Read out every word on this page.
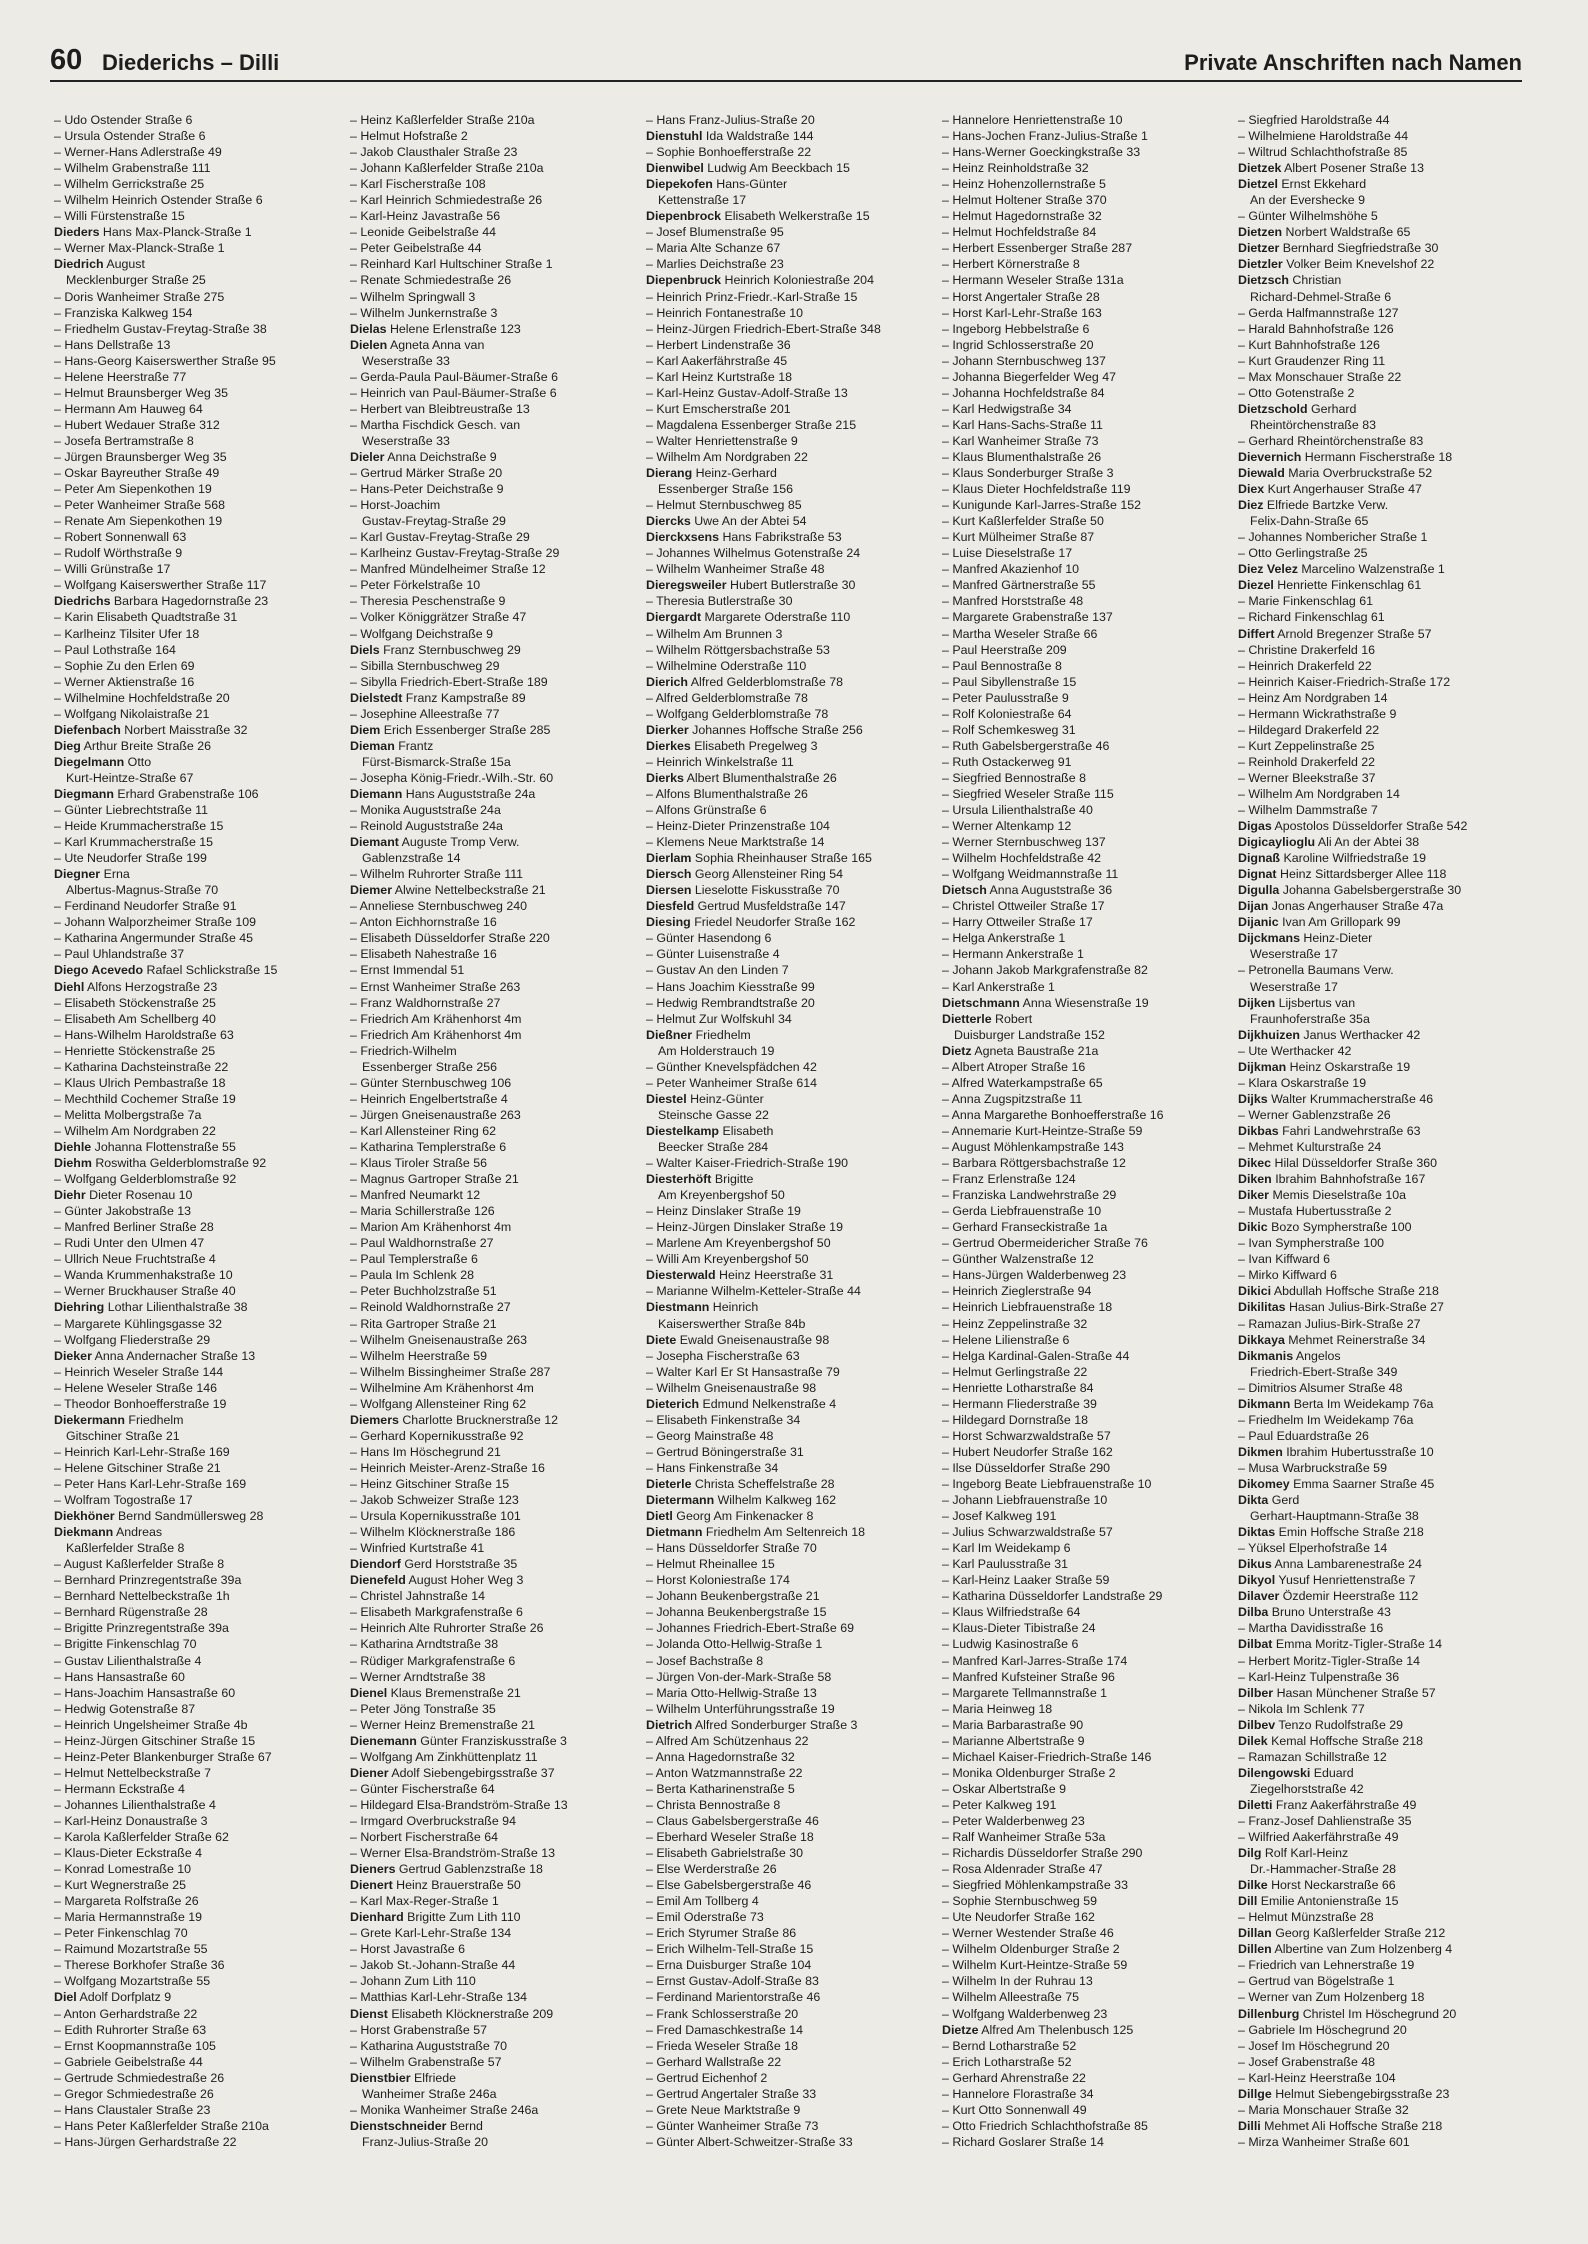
60 Diederichs – Dilli	Private Anschriften nach Namen
– Udo Ostender Straße 6
– Ursula Ostender Straße 6
– Werner-Hans Adlerstraße 49
– Wilhelm Grabenstraße 111
– Wilhelm Gerrickstraße 25
– Wilhelm Heinrich Ostender Straße 6
– Willi Fürstenstraße 15
Dieders Hans Max-Planck-Straße 1
– Werner Max-Planck-Straße 1
Diedrich August
Mecklenburger Straße 25
– Doris Wanheimer Straße 275
– Franziska Kalkweg 154
– Friedhelm Gustav-Freytag-Straße 38
– Hans Dellstraße 13
– Hans-Georg Kaiserswerther Straße 95
– Helene Heerstraße 77
– Helmut Braunsberger Weg 35
– Hermann Am Hauweg 64
– Hubert Wedauer Straße 312
– Josefa Bertramstraße 8
– Jürgen Braunsberger Weg 35
– Oskar Bayreuther Straße 49
– Peter Am Siepenkothen 19
– Peter Wanheimer Straße 568
– Renate Am Siepenkothen 19
– Robert Sonnenwall 63
– Rudolf Wörthstraße 9
– Willi Grünstraße 17
– Wolfgang Kaiserswerther Straße 117
Diedrichs Barbara Hagedornstraße 23
– Karin Elisabeth Quadtstraße 31
– Karlheinz Tilsiter Ufer 18
– Paul Lothstraße 164
– Sophie Zu den Erlen 69
– Werner Aktienstraße 16
– Wilhelmine Hochfeldstraße 20
– Wolfgang Nikolaistraße 21
Diefenbach Norbert Maisstraße 32
Dieg Arthur Breite Straße 26
Diegelmann Otto
Kurt-Heintze-Straße 67
Diegmann Erhard Grabenstraße 106
– Günter Liebrechtstraße 11
– Heide Krummacherstraße 15
– Karl Krummacherstraße 15
– Ute Neudorfer Straße 199
Diegner Erna
Albertus-Magnus-Straße 70
– Ferdinand Neudorfer Straße 91
– Johann Walporzheimer Straße 109
– Katharina Angermunder Straße 45
– Paul Uhlandstraße 37
Diego Acevedo Rafael Schlickstraße 15
Diehl Alfons Herzogstraße 23
– Elisabeth Stöckenstraße 25
– Elisabeth Am Schellberg 40
– Hans-Wilhelm Haroldstraße 63
– Henriette Stöckenstraße 25
– Katharina Dachsteinstraße 22
– Klaus Ulrich Pembastraße 18
– Mechthild Cochemer Straße 19
– Melitta Molbergstraße 7a
– Wilhelm Am Nordgraben 22
Diehle Johanna Flottenstraße 55
Diehm Roswitha Gelderblomstraße 92
– Wolfgang Gelderblomstraße 92
Diehr Dieter Rosenau 10
– Günter Jakobstraße 13
– Manfred Berliner Straße 28
– Rudi Unter den Ulmen 47
– Ullrich Neue Fruchtstraße 4
– Wanda Krummenhakstraße 10
– Werner Bruckhauser Straße 40
Diehring Lothar Lilienthalstraße 38
– Margarete Kühlingsgasse 32
– Wolfgang Fliederstraße 29
Dieker Anna Andernacher Straße 13
– Heinrich Weseler Straße 144
– Helene Weseler Straße 146
– Theodor Bonhoefferstraße 19
Diekermann Friedhelm
Gitschiner Straße 21
– Heinrich Karl-Lehr-Straße 169
– Helene Gitschiner Straße 21
– Peter Hans Karl-Lehr-Straße 169
– Wolfram Togostraße 17
Diekhöner Bernd Sandmüllersweg 28
Diekmann Andreas
Kaßlerfelder Straße 8
– August Kaßlerfelder Straße 8
– Bernhard Prinzregentstraße 39a
– Bernhard Nettelbeckstraße 1h
– Bernhard Rügenstraße 28
– Brigitte Prinzregentstraße 39a
– Brigitte Finkenschlag 70
– Gustav Lilienthalstraße 4
– Hans Hansastraße 60
– Hans-Joachim Hansastraße 60
– Hedwig Gotenstraße 87
– Heinrich Ungelsheimer Straße 4b
– Heinz-Jürgen Gitschiner Straße 15
– Heinz-Peter Blankenburger Straße 67
– Helmut Nettelbeckstraße 7
– Hermann Eckstraße 4
– Johannes Lilienthalstraße 4
– Karl-Heinz Donaustraße 3
– Karola Kaßlerfelder Straße 62
– Klaus-Dieter Eckstraße 4
– Konrad Lomestraße 10
– Kurt Wegnerstraße 25
– Margareta Rolfstraße 26
– Maria Hermannstraße 19
– Peter Finkenschlag 70
– Raimund Mozartstraße 55
– Therese Borkhofer Straße 36
– Wolfgang Mozartstraße 55
Diel Adolf Dorfplatz 9
– Anton Gerhardstraße 22
– Edith Ruhrorter Straße 63
– Ernst Koopmannstraße 105
– Gabriele Geibelstraße 44
– Gertrude Schmiedestraße 26
– Gregor Schmiedestraße 26
– Hans Claustaler Straße 23
– Hans Peter Kaßlerfelder Straße 210a
– Hans-Jürgen Gerhardstraße 22
– Heinz Kaßlerfelder Straße 210a
– Helmut Hofstraße 2
– Jakob Clausthaler Straße 23
– Johann Kaßlerfelder Straße 210a
– Karl Fischerstraße 108
– Karl Heinrich Schmiedestraße 26
– Karl-Heinz Javastraße 56
– Leonide Geibelstraße 44
– Peter Geibelstraße 44
– Reinhard Karl Hultschiner Straße 1
– Renate Schmiedestraße 26
– Wilhelm Springwall 3
– Wilhelm Junkernstraße 3
Dielas Helene Erlenstraße 123
Dielen Agneta Anna van
Weserstraße 33
– Gerda-Paula Paul-Bäumer-Straße 6
– Heinrich van Paul-Bäumer-Straße 6
– Herbert van Bleibtreustraße 13
– Martha Fischdick Gesch. van
Weserstraße 33
Dieler Anna Deichstraße 9
– Gertrud Märker Straße 20
– Hans-Peter Deichstraße 9
– Horst-Joachim
Gustav-Freytag-Straße 29
– Karl Gustav-Freytag-Straße 29
– Karlheinz Gustav-Freytag-Straße 29
– Manfred Mündelheimer Straße 12
– Peter Förkelstraße 10
– Theresia Peschenstraße 9
– Volker Königgrätzer Straße 47
– Wolfgang Deichstraße 9
Diels Franz Sternbuschweg 29
– Sibilla Sternbuschweg 29
– Sibylla Friedrich-Ebert-Straße 189
Dielstedt Franz Kampstraße 89
– Josephine Alleestraße 77
Diem Erich Essenberger Straße 285
Dieman Frantz
Fürst-Bismarck-Straße 15a
– Josepha König-Friedr.-Wilh.-Str. 60
Diemann Hans Auguststraße 24a
– Monika Auguststraße 24a
– Reinold Auguststraße 24a
Diemant Auguste Tromp Verw.
Gablenzstraße 14
– Wilhelm Ruhrorter Straße 111
Diemer Alwine Nettelbeckstraße 21
– Anneliese Sternbuschweg 240
– Anton Eichhornstraße 16
– Elisabeth Düsseldorfer Straße 220
– Elisabeth Nahestraße 16
– Ernst Immendal 51
– Ernst Wanheimer Straße 263
– Franz Waldhornstraße 27
– Friedrich Am Krähenhorst 4m
– Friedrich Am Krähenhorst 4m
– Friedrich-Wilhelm
Essenberger Straße 256
– Günter Sternbuschweg 106
– Heinrich Engelbertstraße 4
– Jürgen Gneisenaustraße 263
– Karl Allensteiner Ring 62
– Katharina Templerstraße 6
– Klaus Tiroler Straße 56
– Magnus Gartroper Straße 21
– Manfred Neumarkt 12
– Maria Schillerstraße 126
– Marion Am Krähenhorst 4m
– Paul Waldhornstraße 27
– Paul Templerstraße 6
– Paula Im Schlenk 28
– Peter Buchholzstraße 51
– Reinold Waldhornstraße 27
– Rita Gartroper Straße 21
– Wilhelm Gneisenaustraße 263
– Wilhelm Heerstraße 59
– Wilhelm Bissingheimer Straße 287
– Wilhelmine Am Krähenhorst 4m
– Wolfgang Allensteiner Ring 62
Diemers Charlotte Brucknerstraße 12
– Gerhard Kopernikusstraße 92
– Hans Im Höschegrund 21
– Heinrich Meister-Arenz-Straße 16
– Heinz Gitschiner Straße 15
– Jakob Schweizer Straße 123
– Ursula Kopernikusstraße 101
– Wilhelm Klöcknerstraße 186
– Winfried Kurtstraße 41
Diendorf Gerd Horststraße 35
Dienefeld August Hoher Weg 3
– Christel Jahnstraße 14
– Elisabeth Markgrafenstraße 6
– Heinrich Alte Ruhrorter Straße 26
– Katharina Arndtstraße 38
– Rüdiger Markgrafenstraße 6
– Werner Arndtstraße 38
Dienel Klaus Bremenstraße 21
– Peter Jöng Tonstraße 35
– Werner Heinz Bremenstraße 21
Dienemann Günter Franziskusstraße 3
– Wolfgang Am Zinkhüttenplatz 11
Diener Adolf Siebengebirgsstraße 37
– Günter Fischerstraße 64
– Hildegard Elsa-Brandström-Straße 13
– Irmgard Overbruckstraße 94
– Norbert Fischerstraße 64
– Werner Elsa-Brandström-Straße 13
Dieners Gertrud Gablenzstraße 18
Dienert Heinz Brauerstraße 50
– Karl Max-Reger-Straße 1
Dienhard Brigitte Zum Lith 110
– Grete Karl-Lehr-Straße 134
– Horst Javastraße 6
– Jakob St.-Johann-Straße 44
– Johann Zum Lith 110
– Matthias Karl-Lehr-Straße 134
Dienst Elisabeth Klöcknerstraße 209
– Horst Grabenstraße 57
– Katharina Auguststraße 70
– Wilhelm Grabenstraße 57
Dienstbier Elfriede
Wanheimer Straße 246a
– Monika Wanheimer Straße 246a
Dienstschneider Bernd
Franz-Julius-Straße 20
– Hans Franz-Julius-Straße 20
Dienstuhl Ida Waldstraße 144
– Sophie Bonhoefferstraße 22
Dienwibel Ludwig Am Beeckbach 15
Diepekofen Hans-Günter
Kettenstraße 17
Diepenbrock Elisabeth Welkerstraße 15
– Josef Blumenstraße 95
– Maria Alte Schanze 67
– Marlies Deichstraße 23
Diepenbruck Heinrich Koloniestraße 204
– Heinrich Prinz-Friedr.-Karl-Straße 15
– Heinrich Fontanestraße 10
– Heinz-Jürgen Friedrich-Ebert-Straße 348
– Herbert Lindenstraße 36
– Karl Aakerfährstraße 45
– Karl Heinz Kurtstraße 18
– Karl-Heinz Gustav-Adolf-Straße 13
– Kurt Emscherstraße 201
– Magdalena Essenberger Straße 215
– Walter Henriettenstraße 9
– Wilhelm Am Nordgraben 22
Dierang Heinz-Gerhard
Essenberger Straße 156
– Helmut Sternbuschweg 85
Diercks Uwe An der Abtei 54
Dierckxsens Hans Fabrikstraße 53
– Johannes Wilhelmus Gotenstraße 24
– Wilhelm Wanheimer Straße 48
Dieregsweiler Hubert Butlerstraße 30
– Theresia Butlerstraße 30
Diergardt Margarete Oderstraße 110
– Wilhelm Am Brunnen 3
– Wilhelm Röttgersbachstraße 53
– Wilhelmine Oderstraße 110
Dierich Alfred Gelderblomstraße 78
– Alfred Gelderblomstraße 78
– Wolfgang Gelderblomstraße 78
Dierker Johannes Hoffsche Straße 256
Dierkes Elisabeth Pregelweg 3
– Heinrich Winkelstraße 11
Dierks Albert Blumenthalstraße 26
– Alfons Blumenthalstraße 26
– Alfons Grünstraße 6
– Heinz-Dieter Prinzenstraße 104
– Klemens Neue Marktstraße 14
Dierlam Sophia Rheinhauser Straße 165
Diersch Georg Allensteiner Ring 54
Diersen Lieselotte Fiskusstraße 70
Diesfeld Gertrud Musfeldstraße 147
Diesing Friedel Neudorfer Straße 162
– Günter Hasendong 6
– Günter Luisenstraße 4
– Gustav An den Linden 7
– Hans Joachim Kiesstraße 99
– Hedwig Rembrandtstraße 20
– Helmut Zur Wolfskuhl 34
Dießner Friedhelm
Am Holderstrauch 19
– Günther Knevelspfädchen 42
– Peter Wanheimer Straße 614
Diestel Heinz-Günter
Steinsche Gasse 22
Diestelkamp Elisabeth
Beecker Straße 284
– Walter Kaiser-Friedrich-Straße 190
Diesterhöft Brigitte
Am Kreyenbergshof 50
– Heinz Dinslaker Straße 19
– Heinz-Jürgen Dinslaker Straße 19
– Marlene Am Kreyenbergshof 50
– Willi Am Kreyenbergshof 50
Diesterwald Heinz Heerstraße 31
– Marianne Wilhelm-Ketteler-Straße 44
Diestmann Heinrich
Kaiserswerther Straße 84b
Diete Ewald Gneisenaustraße 98
– Josepha Fischerstraße 63
– Walter Karl Er St Hansastraße 79
– Wilhelm Gneisenaustraße 98
Dieterich Edmund Nelkenstraße 4
– Elisabeth Finkenstraße 34
– Georg Mainstraße 48
– Gertrud Böningerstraße 31
– Hans Finkenstraße 34
Dieterle Christa Scheffelstraße 28
Dietermann Wilhelm Kalkweg 162
Dietl Georg Am Finkenacker 8
Dietmann Friedhelm Am Seltenreich 18
– Hans Düsseldorfer Straße 70
– Helmut Rheinallee 15
– Horst Koloniestraße 174
– Johann Beukenbergstraße 21
– Johanna Beukenbergstraße 15
– Johannes Friedrich-Ebert-Straße 69
– Jolanda Otto-Hellwig-Straße 1
– Josef Bachstraße 8
– Jürgen Von-der-Mark-Straße 58
– Maria Otto-Hellwig-Straße 13
– Wilhelm Unterführungsstraße 19
Dietrich Alfred Sonderburger Straße 3
– Alfred Am Schützenhaus 22
– Anna Hagedornstraße 32
– Anton Watzmannstraße 22
– Berta Katharinenstraße 5
– Christa Bennostraße 8
– Claus Gabelsbergerstraße 46
– Eberhard Weseler Straße 18
– Elisabeth Gabrielstraße 30
– Else Werderstraße 26
– Else Gabelsbergerstraße 46
– Emil Am Tollberg 4
– Emil Oderstraße 73
– Erich Styrumer Straße 86
– Erich Wilhelm-Tell-Straße 15
– Erna Duisburger Straße 104
– Ernst Gustav-Adolf-Straße 83
– Ferdinand Marientorstraße 46
– Frank Schlosserstraße 20
– Fred Damaschkestraße 14
– Frieda Weseler Straße 18
– Gerhard Wallstraße 22
– Gertrud Eichenhof 2
– Gertrud Angertaler Straße 33
– Grete Neue Marktstraße 9
– Günter Wanheimer Straße 73
– Günter Albert-Schweitzer-Straße 33
– Hannelore Henriettenstraße 10
– Hans-Jochen Franz-Julius-Straße 1
– Hans-Werner Goeckingkstraße 33
– Heinz Reinholdstraße 32
– Heinz Hohenzollernstraße 5
– Helmut Holtener Straße 370
– Helmut Hagedornstraße 32
– Helmut Hochfeldstraße 84
– Herbert Essenberger Straße 287
– Herbert Körnerstraße 8
– Hermann Weseler Straße 131a
– Horst Angertaler Straße 28
– Horst Karl-Lehr-Straße 163
– Ingeborg Hebbelstraße 6
– Ingrid Schlosserstraße 20
– Johann Sternbuschweg 137
– Johanna Biegerfelder Weg 47
– Johanna Hochfeldstraße 84
– Karl Hedwigstraße 34
– Karl Hans-Sachs-Straße 11
– Karl Wanheimer Straße 73
– Klaus Blumenthalstraße 26
– Klaus Sonderburger Straße 3
– Klaus Dieter Hochfeldstraße 119
– Kunigunde Karl-Jarres-Straße 152
– Kurt Kaßlerfelder Straße 50
– Kurt Mülheimer Straße 87
– Luise Dieselstraße 17
– Manfred Akazienhof 10
– Manfred Gärtnerstraße 55
– Manfred Horststraße 48
– Margarete Grabenstraße 137
– Martha Weseler Straße 66
– Paul Heerstraße 209
– Paul Bennostraße 8
– Paul Sibyllenstraße 15
– Peter Paulusstraße 9
– Rolf Koloniestraße 64
– Rolf Schemkesweg 31
– Ruth Gabelsbergerstraße 46
– Ruth Ostackerweg 91
– Siegfried Bennostraße 8
– Siegfried Weseler Straße 115
– Ursula Lilienthalstraße 40
– Werner Altenkamp 12
– Werner Sternbuschweg 137
– Wilhelm Hochfeldstraße 42
– Wolfgang Weidmannstraße 11
Dietsch Anna Auguststraße 36
– Christel Ottweiler Straße 17
– Harry Ottweiler Straße 17
– Helga Ankerstraße 1
– Hermann Ankerstraße 1
– Johann Jakob Markgrafenstraße 82
– Karl Ankerstraße 1
Dietschmann Anna Wiesenstraße 19
Dietterle Robert
Duisburger Landstraße 152
Dietz Agneta Baustraße 21a
– Albert Atroper Straße 16
– Alfred Waterkampstraße 65
– Anna Zugspitzstraße 11
– Anna Margarethe Bonhoefferstraße 16
– Annemarie Kurt-Heintze-Straße 59
– August Möhlenkampstraße 143
– Barbara Röttgersbachstraße 12
– Franz Erlenstraße 124
– Franziska Landwehrstraße 29
– Gerda Liebfrauenstraße 10
– Gerhard Franseckistraße 1a
– Gertrud Obermeidericher Straße 76
– Günther Walzenstraße 12
– Hans-Jürgen Walderbenweg 23
– Heinrich Zieglerstraße 94
– Heinrich Liebfrauenstraße 18
– Heinz Zeppelinstraße 32
– Helene Lilienstraße 6
– Helga Kardinal-Galen-Straße 44
– Helmut Gerlingstraße 22
– Henriette Lotharstraße 84
– Hermann Fliederstraße 39
– Hildegard Dornstraße 18
– Horst Schwarzwaldstraße 57
– Hubert Neudorfer Straße 162
– Ilse Düsseldorfer Straße 290
– Ingeborg Beate Liebfrauenstraße 10
– Johann Liebfrauenstraße 10
– Josef Kalkweg 191
– Julius Schwarzwaldstraße 57
– Karl Im Weidekamp 6
– Karl Paulusstraße 31
– Karl-Heinz Laaker Straße 59
– Katharina Düsseldorfer Landstraße 29
– Klaus Wilfriedstraße 64
– Klaus-Dieter Tibistraße 24
– Ludwig Kasinostraße 6
– Manfred Karl-Jarres-Straße 174
– Manfred Kufsteiner Straße 96
– Margarete Tellmannstraße 1
– Maria Heinweg 18
– Maria Barbarastraße 90
– Marianne Albertstraße 9
– Michael Kaiser-Friedrich-Straße 146
– Monika Oldenburger Straße 2
– Oskar Albertstraße 9
– Peter Kalkweg 191
– Peter Walderbenweg 23
– Ralf Wanheimer Straße 53a
– Richardis Düsseldorfer Straße 290
– Rosa Aldenrader Straße 47
– Siegfried Möhlenkampstraße 33
– Sophie Sternbuschweg 59
– Ute Neudorfer Straße 162
– Werner Westender Straße 46
– Wilhelm Oldenburger Straße 2
– Wilhelm Kurt-Heintze-Straße 59
– Wilhelm In der Ruhrau 13
– Wilhelm Alleestraße 75
– Wolfgang Walderbenweg 23
Dietze Alfred Am Thelenbusch 125
– Bernd Lotharstraße 52
– Erich Lotharstraße 52
– Gerhard Ahrenstraße 22
– Hannelore Florastraße 34
– Kurt Otto Sonnenwall 49
– Otto Friedrich Schlachthofstraße 85
– Richard Goslarer Straße 14
– Siegfried Haroldstraße 44
– Wilhelmiene Haroldstraße 44
– Wiltrud Schlachthofstraße 85
Dietzek Albert Posener Straße 13
Dietzel Ernst Ekkehard
An der Evershecke 9
– Günter Wilhelmshöhe 5
Dietzen Norbert Waldstraße 65
Dietzer Bernhard Siegfriedstraße 30
Dietzler Volker Beim Knevelshof 22
Dietzsch Christian
Richard-Dehmel-Straße 6
– Gerda Halfmannstraße 127
– Harald Bahnhofstraße 126
– Kurt Bahnhofstraße 126
– Kurt Graudenzer Ring 11
– Max Monschauer Straße 22
– Otto Gotenstraße 2
Dietzschold Gerhard
Rheintörchenstraße 83
– Gerhard Rheintörchenstraße 83
Dievernich Hermann Fischerstraße 18
Diewald Maria Overbruckstraße 52
Diex Kurt Angerhauser Straße 47
Diez Elfriede Bartzke Verw.
Felix-Dahn-Straße 65
– Johannes Nombericher Straße 1
– Otto Gerlingstraße 25
Diez Velez Marcelino Walzenstraße 1
Diezel Henriette Finkenschlag 61
– Marie Finkenschlag 61
– Richard Finkenschlag 61
Differt Arnold Bregenzer Straße 57
– Christine Drakerfeld 16
– Heinrich Drakerfeld 22
– Heinrich Kaiser-Friedrich-Straße 172
– Heinz Am Nordgraben 14
– Hermann Wickrathstraße 9
– Hildegard Drakerfeld 22
– Kurt Zeppelinstraße 25
– Reinhold Drakerfeld 22
– Werner Bleekstraße 37
– Wilhelm Am Nordgraben 14
– Wilhelm Dammstraße 7
Digas Apostolos Düsseldorfer Straße 542
Digicaylioglu Ali An der Abtei 38
Dignaß Karoline Wilfriedstraße 19
Dignat Heinz Sittardsberger Allee 118
Digulla Johanna Gabelsbergerstraße 30
Dijan Jonas Angerhauser Straße 47a
Dijanic Ivan Am Grillopark 99
Dijckmans Heinz-Dieter
Weserstraße 17
– Petronella Baumans Verw.
Weserstraße 17
Dijken Lijsbertus van
Fraunhoferstraße 35a
Dijkhuizen Janus Werthacker 42
– Ute Werthacker 42
Dijkman Heinz Oskarstraße 19
– Klara Oskarstraße 19
Dijks Walter Krummacherstraße 46
– Werner Gablenzstraße 26
Dikbas Fahri Landwehrstraße 63
– Mehmet Kulturstraße 24
Dikec Hilal Düsseldorfer Straße 360
Diken Ibrahim Bahnhofstraße 167
Diker Memis Dieselstraße 10a
– Mustafa Hubertusstraße 2
Dikic Bozo Sympherstraße 100
– Ivan Sympherstraße 100
– Ivan Kiffward 6
– Mirko Kiffward 6
Dikici Abdullah Hoffsche Straße 218
Dikilitas Hasan Julius-Birk-Straße 27
– Ramazan Julius-Birk-Straße 27
Dikkaya Mehmet Reinerstraße 34
Dikmanis Angelos
Friedrich-Ebert-Straße 349
– Dimitrios Alsumer Straße 48
Dikmann Berta Im Weidekamp 76a
– Friedhelm Im Weidekamp 76a
– Paul Eduardstraße 26
Dikmen Ibrahim Hubertusstraße 10
– Musa Warbruckstraße 59
Dikomey Emma Saarner Straße 45
Dikta Gerd
Gerhart-Hauptmann-Straße 38
Diktas Emin Hoffsche Straße 218
– Yüksel Elperhofstraße 14
Dikus Anna Lambarenestraße 24
Dikyol Yusuf Henriettenstraße 7
Dilaver Özdemir Heerstraße 112
Dilba Bruno Unterstraße 43
– Martha Davidisstraße 16
Dilbat Emma Moritz-Tigler-Straße 14
– Herbert Moritz-Tigler-Straße 14
– Karl-Heinz Tulpenstraße 36
Dilber Hasan Münchener Straße 57
– Nikola Im Schlenk 77
Dilbev Tenzo Rudolfstraße 29
Dilek Kemal Hoffsche Straße 218
– Ramazan Schillstraße 12
Dilengowski Eduard
Ziegelhorststraße 42
Diletti Franz Aakerfährstraße 49
– Franz-Josef Dahlienstraße 35
– Wilfried Aakerfährstraße 49
Dilg Rolf Karl-Heinz
Dr.-Hammacher-Straße 28
Dilke Horst Neckarstraße 66
Dill Emilie Antonienstraße 15
– Helmut Münzstraße 28
Dillan Georg Kaßlerfelder Straße 212
Dillen Albertine van Zum Holzenberg 4
– Friedrich van Lehnerstraße 19
– Gertrud van Bögelstraße 1
– Werner van Zum Holzenberg 18
Dillenburg Christel Im Höschegrund 20
– Gabriele Im Höschegrund 20
– Josef Im Höschegrund 20
– Josef Grabenstraße 48
– Karl-Heinz Heerstraße 104
Dillge Helmut Siebengebirgsstraße 23
– Maria Monschauer Straße 32
Dilli Mehmet Ali Hoffsche Straße 218
– Mirza Wanheimer Straße 601
